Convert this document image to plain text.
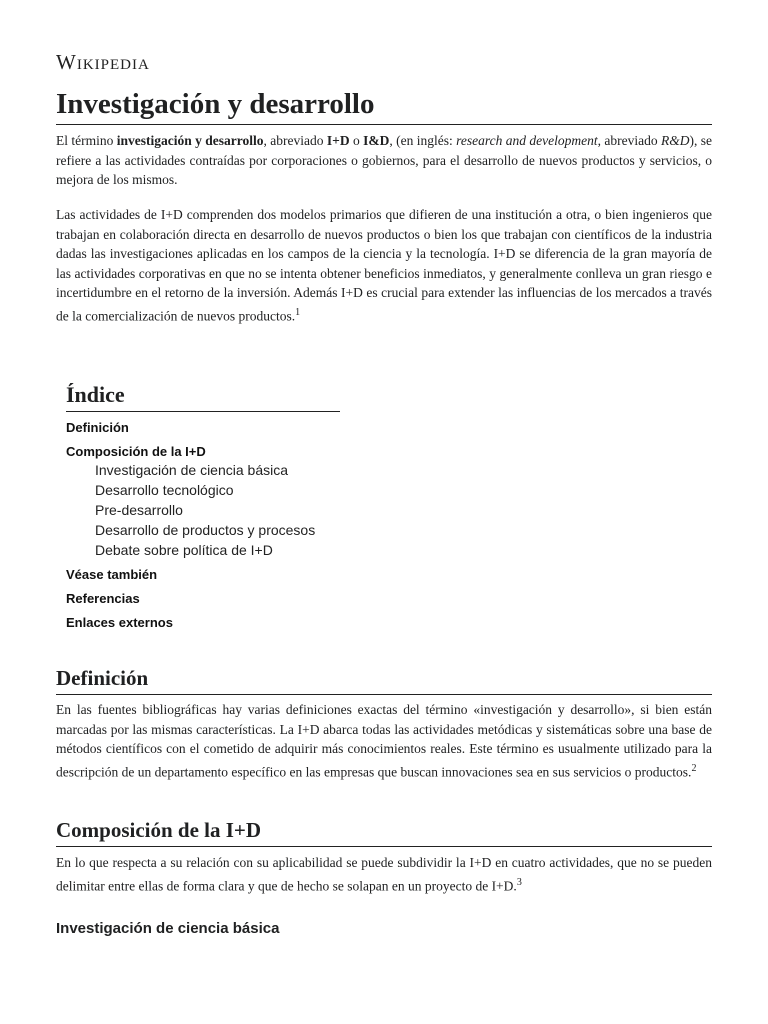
Wikipedia
Investigación y desarrollo

El término investigación y desarrollo, abreviado I+D o I&D, (en inglés: research and development, abreviado R&D), se refiere a las actividades contraídas por corporaciones o gobiernos, para el desarrollo de nuevos productos y servicios, o mejora de los mismos.

Las actividades de I+D comprenden dos modelos primarios que difieren de una institución a otra, o bien ingenieros que trabajan en colaboración directa en desarrollo de nuevos productos o bien los que trabajan con científicos de la industria dadas las investigaciones aplicadas en los campos de la ciencia y la tecnología. I+D se diferencia de la gran mayoría de las actividades corporativas en que no se intenta obtener beneficios inmediatos, y generalmente conlleva un gran riesgo e incertidumbre en el retorno de la inversión. Además I+D es crucial para extender las influencias de los mercados a través de la comercialización de nuevos productos.$^1$

Índice
Definición
Composición de la I+D
Investigación de ciencia básica
Desarrollo tecnológico
Pre-desarrollo
Desarrollo de productos y procesos
Debate sobre política de I+D
Véase también
Referencias
Enlaces externos
Definición

En las fuentes bibliográficas hay varias definiciones exactas del término «investigación y desarrollo», si bien están marcadas por las mismas características. La I+D abarca todas las actividades metódicas y sistemáticas sobre una base de métodos científicos con el cometido de adquirir más conocimientos reales. Este término es usualmente utilizado para la descripción de un departamento específico en las empresas que buscan innovaciones sea en sus servicios o productos.$^2$

Composición de la I+D

En lo que respecta a su relación con su aplicabilidad se puede subdividir la I+D en cuatro actividades, que no se pueden delimitar entre ellas de forma clara y que de hecho se solapan en un proyecto de I+D.$^3$

Investigación de ciencia básica
